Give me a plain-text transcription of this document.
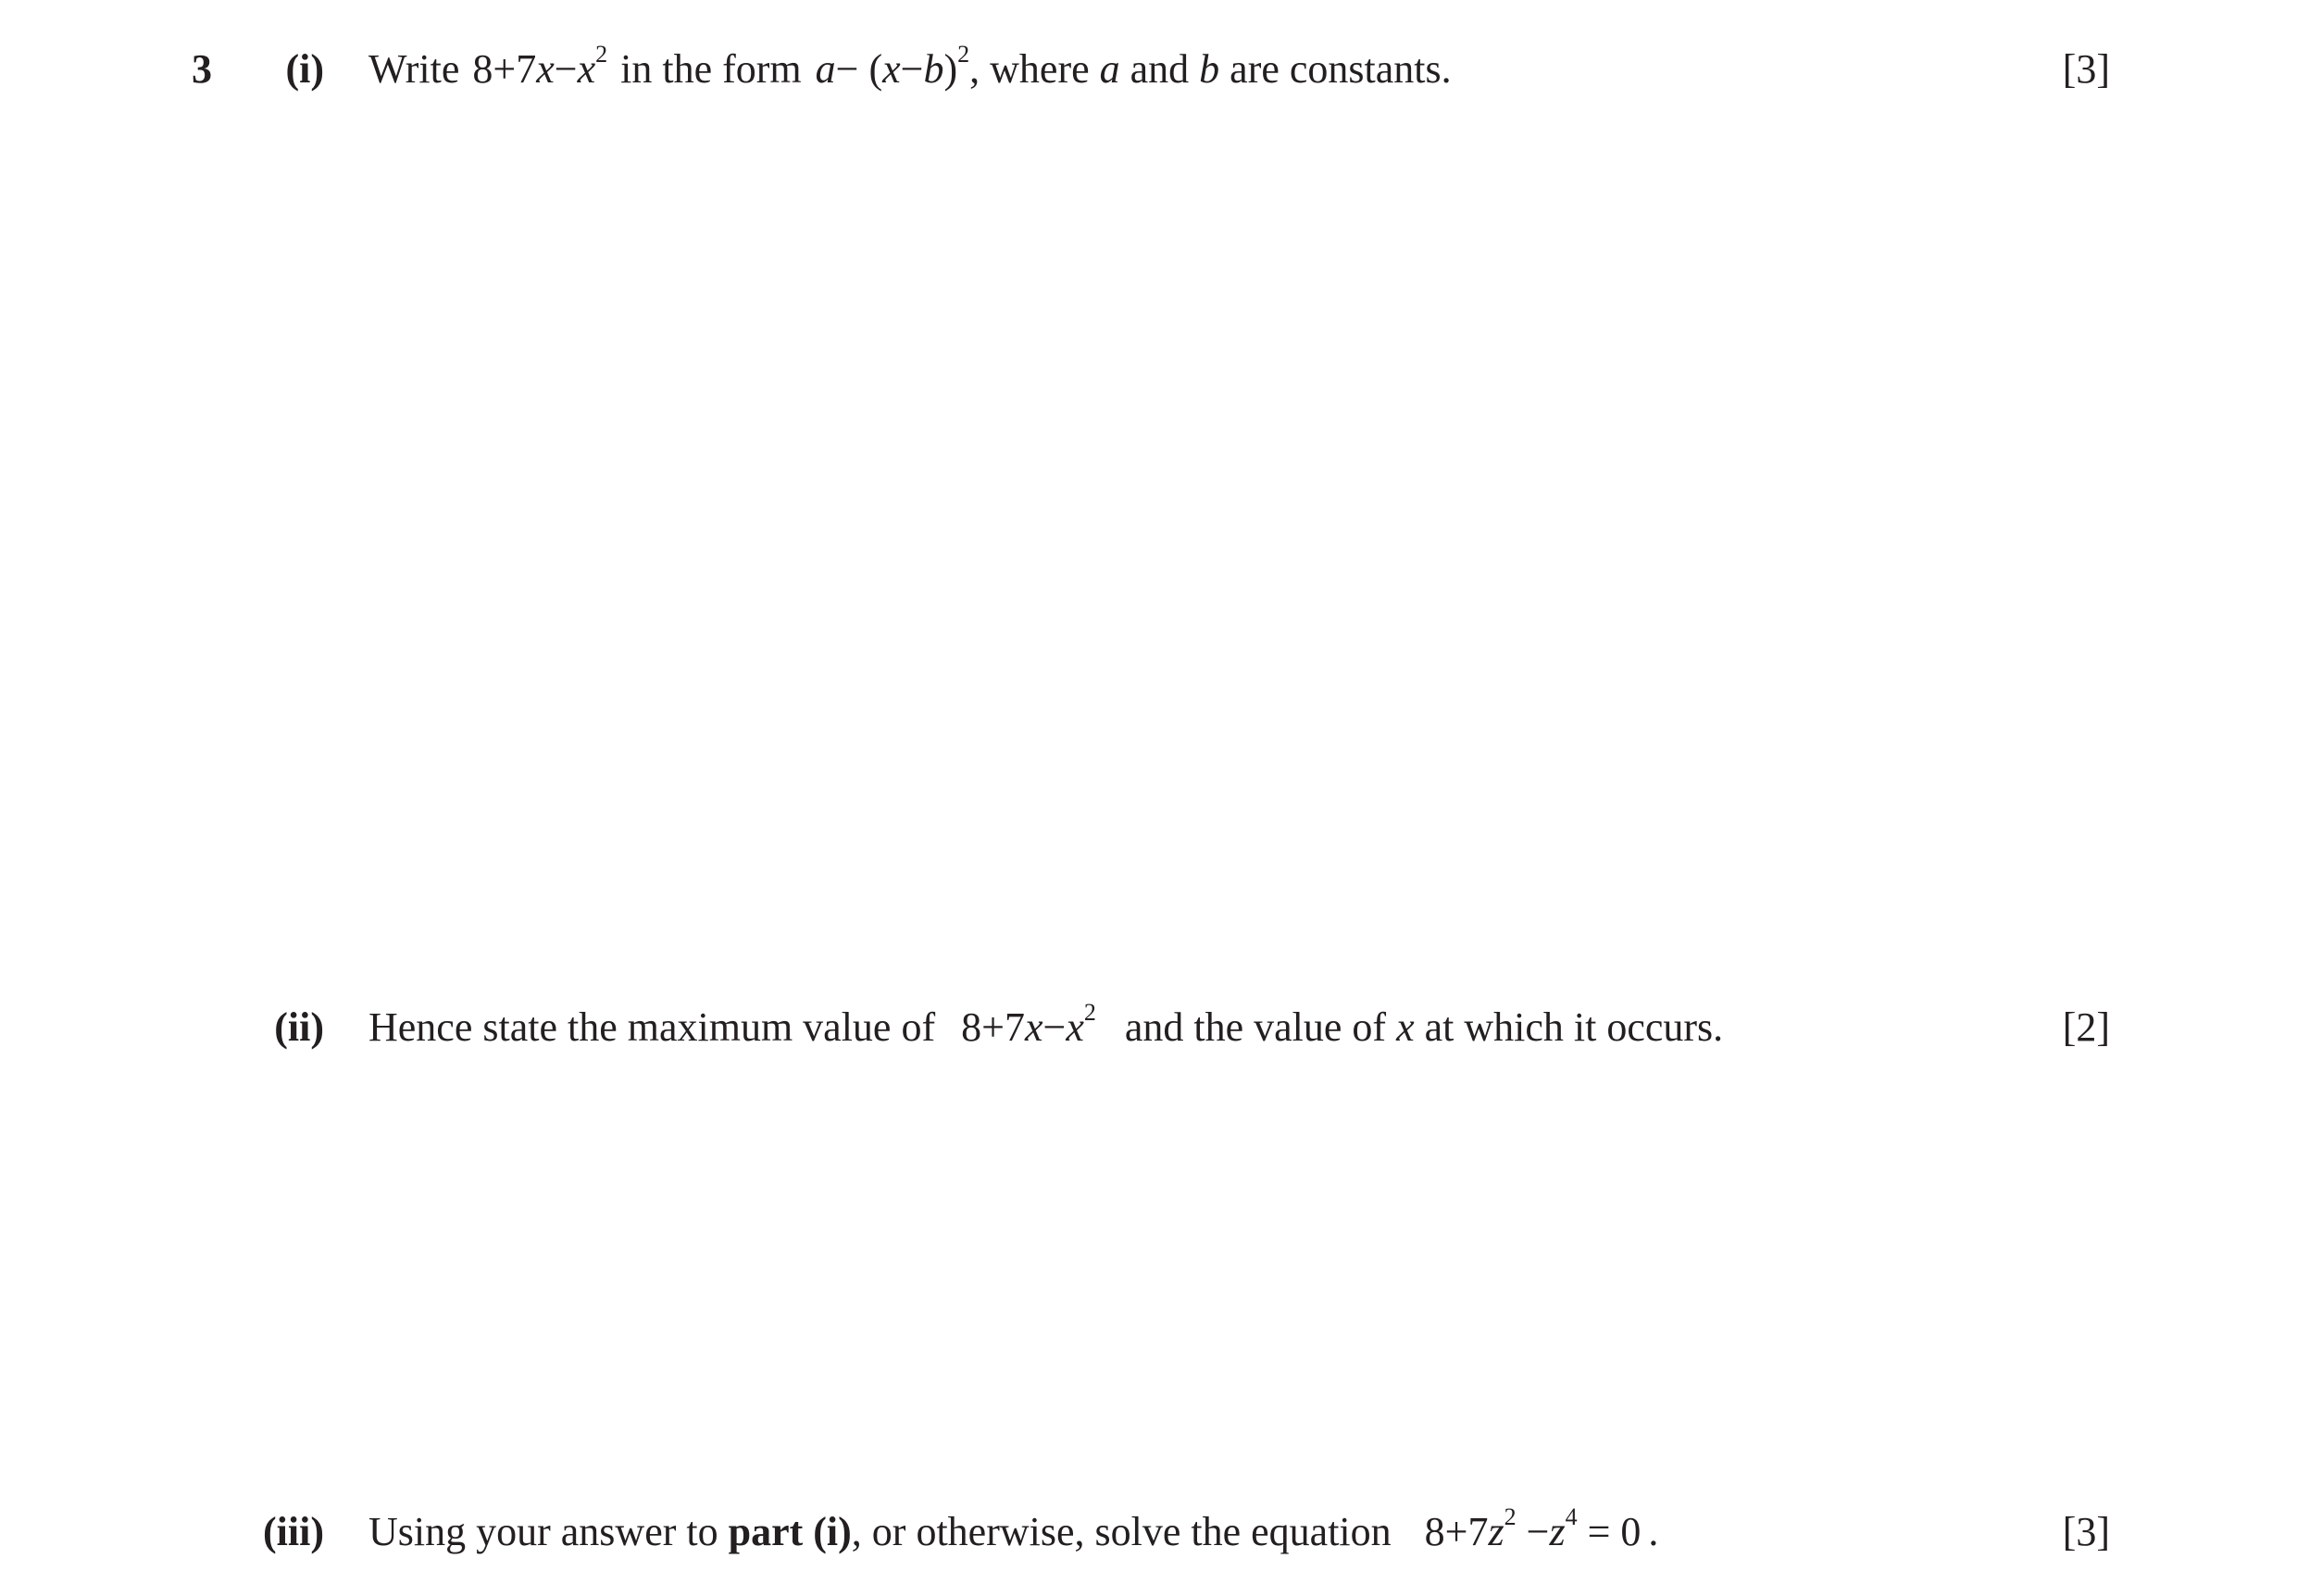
3	(i) Write $8+7x-x^2$ in the form $a- (x-b)^2$, where a and b are constants.	[3]
(ii) Hence state the maximum value of $8+7x-x^2$ and the value of x at which it occurs.	[2]
(iii) Using your answer to part (i), or otherwise, solve the equation $8+7z^2 -z^4 = 0$ .	[3]
